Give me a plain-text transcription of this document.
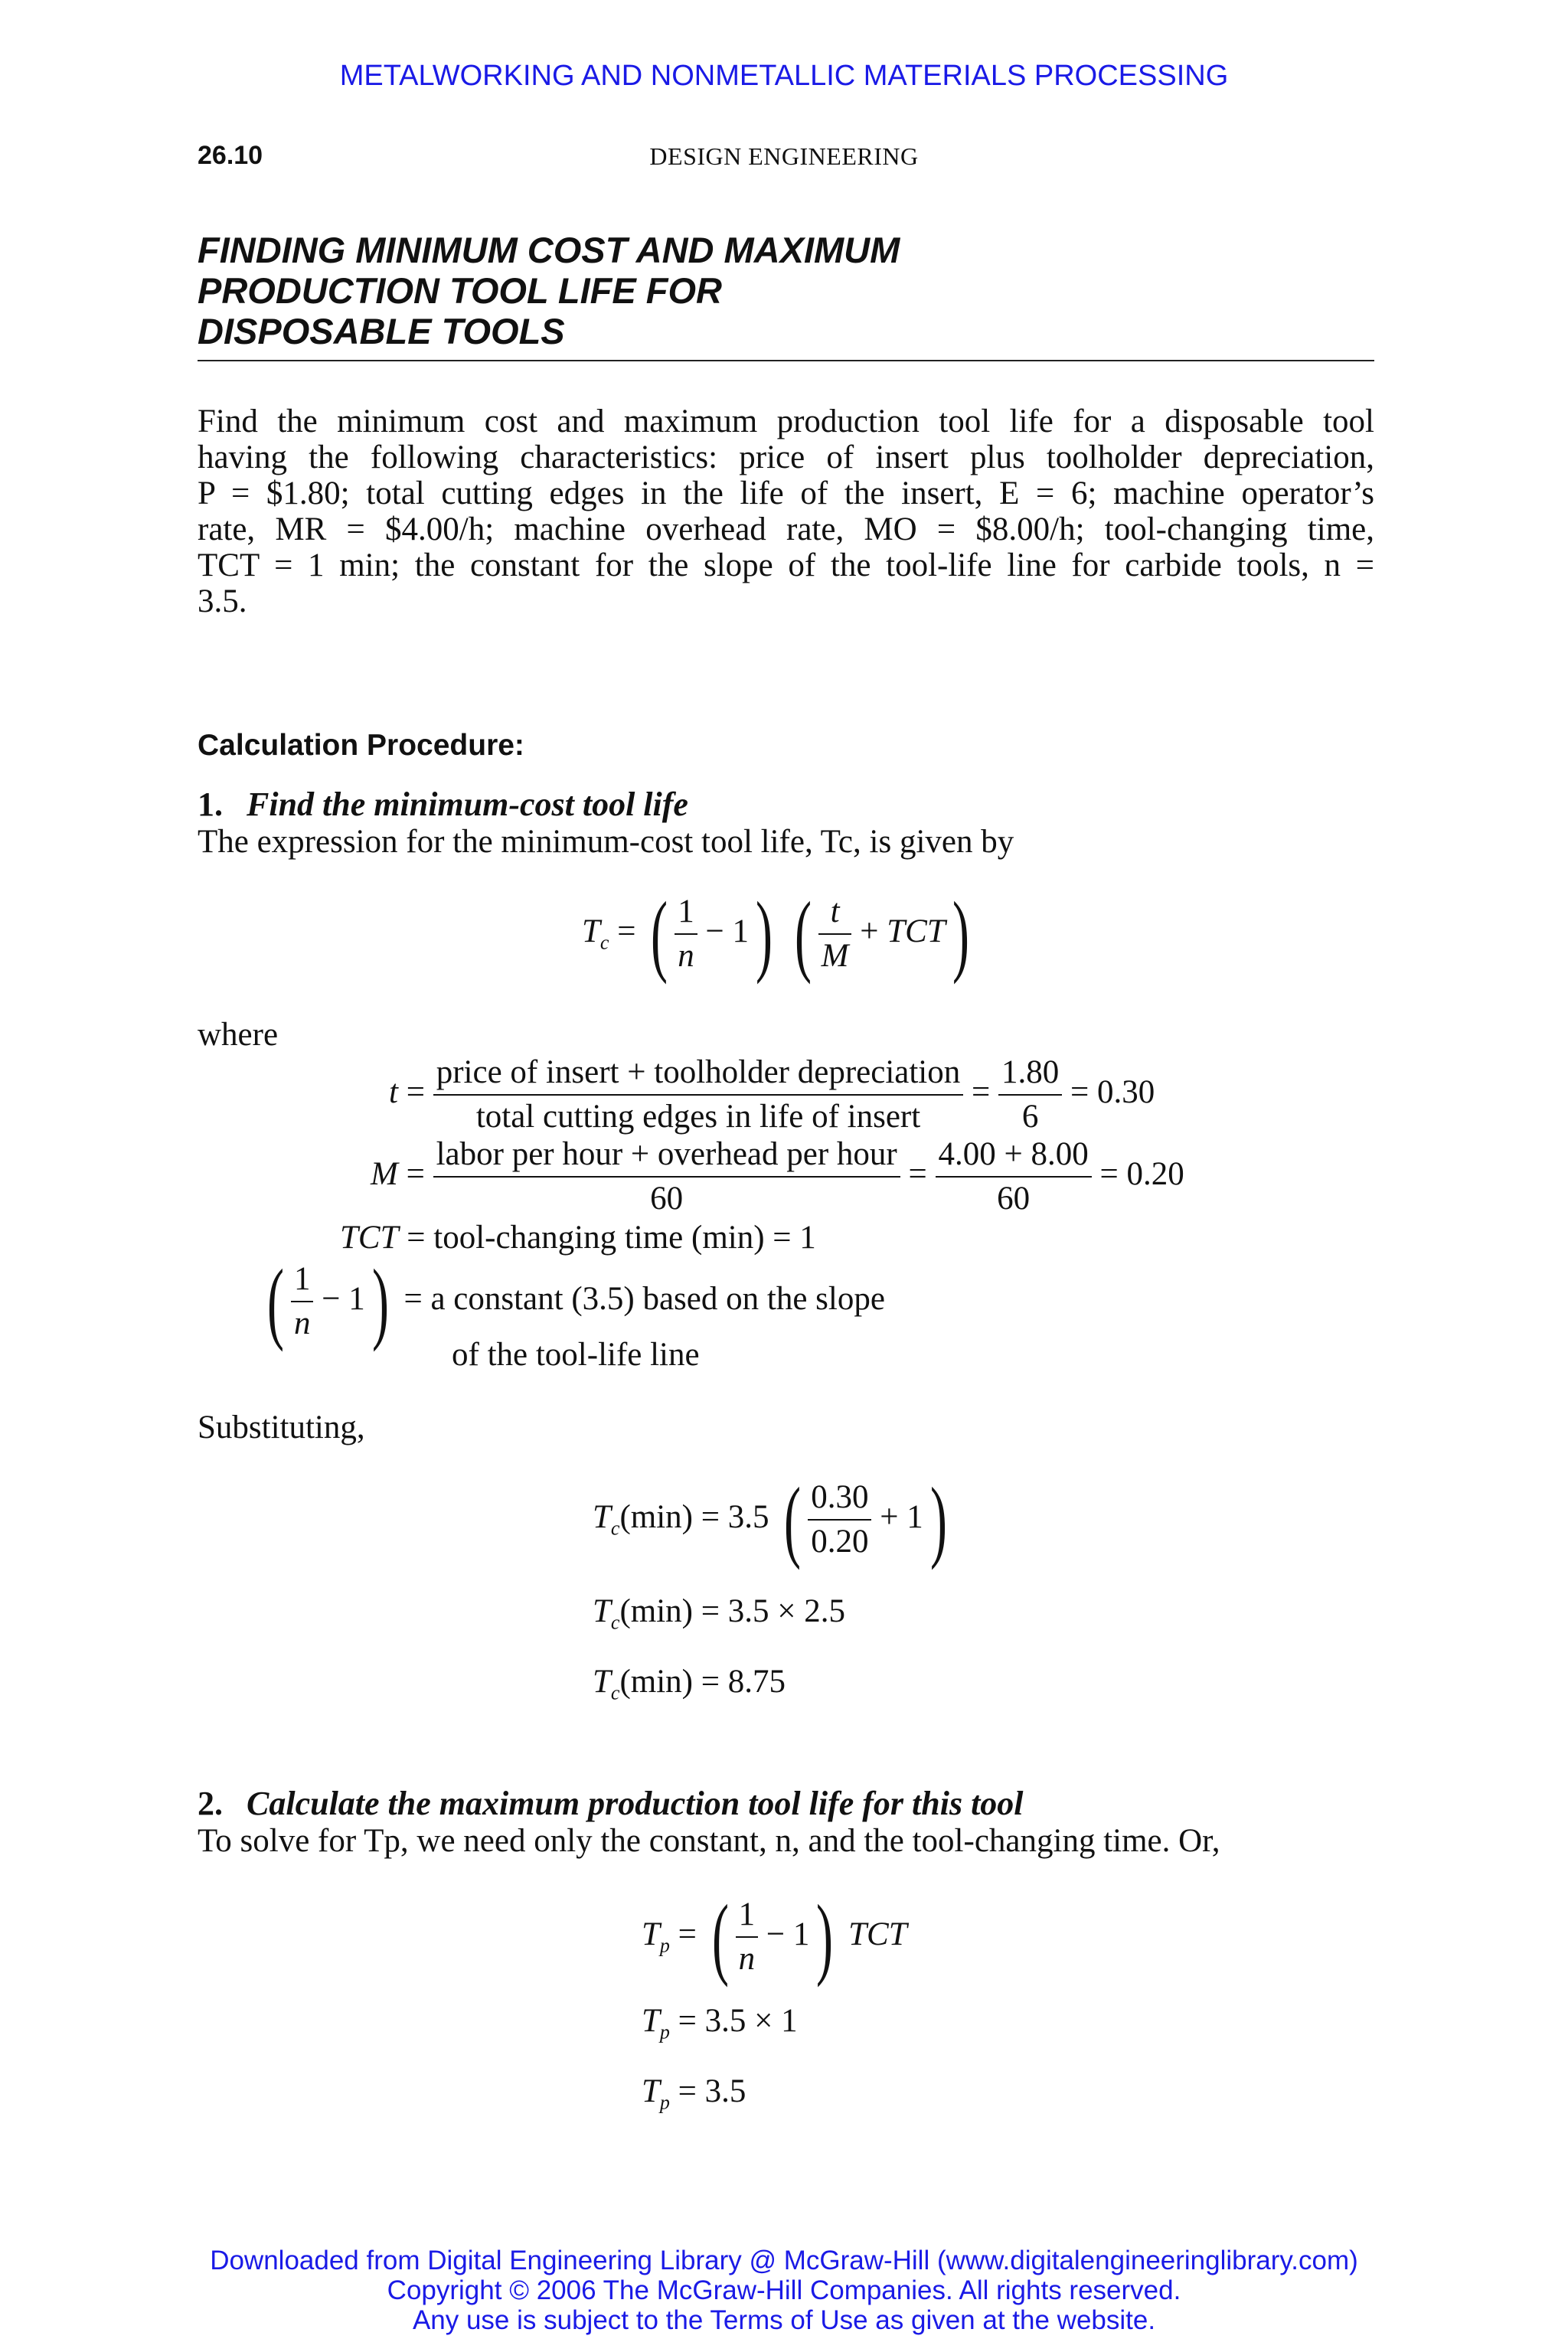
METALWORKING AND NONMETALLIC MATERIALS PROCESSING
26.10	DESIGN ENGINEERING
FINDING MINIMUM COST AND MAXIMUM
PRODUCTION TOOL LIFE FOR
DISPOSABLE TOOLS
Find the minimum cost and maximum production tool life for a disposable tool
having the following characteristics: price of insert plus toolholder depreciation,
P = $1.80; total cutting edges in the life of the insert, E = 6; machine operator’s
rate, MR = $4.00/h; machine overhead rate, MO = $8.00/h; tool-changing time,
TCT = 1 min; the constant for the slope of the tool-life line for carbide tools, n =
3.5.
Calculation Procedure:
1. Find the minimum-cost tool life
The expression for the minimum-cost tool life, Tc, is given by
$T_c$ = ( $\frac{1}{n} - 1$) ( $\frac{t}{M} + TCT$)
where
$t = \frac{\text{price of insert + toolholder depreciation}}{\text{total cutting edges in life of insert}} = \frac{1.80}{6} = 0.30$
$M = \frac{\text{labor per hour + overhead per hour}}{60} = \frac{4.00 + 8.00}{60} = 0.20$
TCT = tool-changing time (min) = 1
( $\frac{1}{n} - 1) = a$ constant (3.5) based on the slope
of the tool-life line
Substituting,
$T_c(\min) = 3.5$ ( $\frac{0.30}{0.20} + 1$)
$T_c(\min) = 3.5 \times 2.5$
$T_c(\min) = 8.75$
2. Calculate the maximum production tool life for this tool
To solve for Tp, we need only the constant, n, and the tool-changing time. Or,
$T_p$ = ( $\frac{1}{n} - 1$) TCT
$T_p = 3.5 \times 1$
$T_p = 3.5$
Downloaded from Digital Engineering Library @ McGraw-Hill (www.digitalengineeringlibrary.com)
Copyright © 2006 The McGraw-Hill Companies. All rights reserved.
Any use is subject to the Terms of Use as given at the website.
